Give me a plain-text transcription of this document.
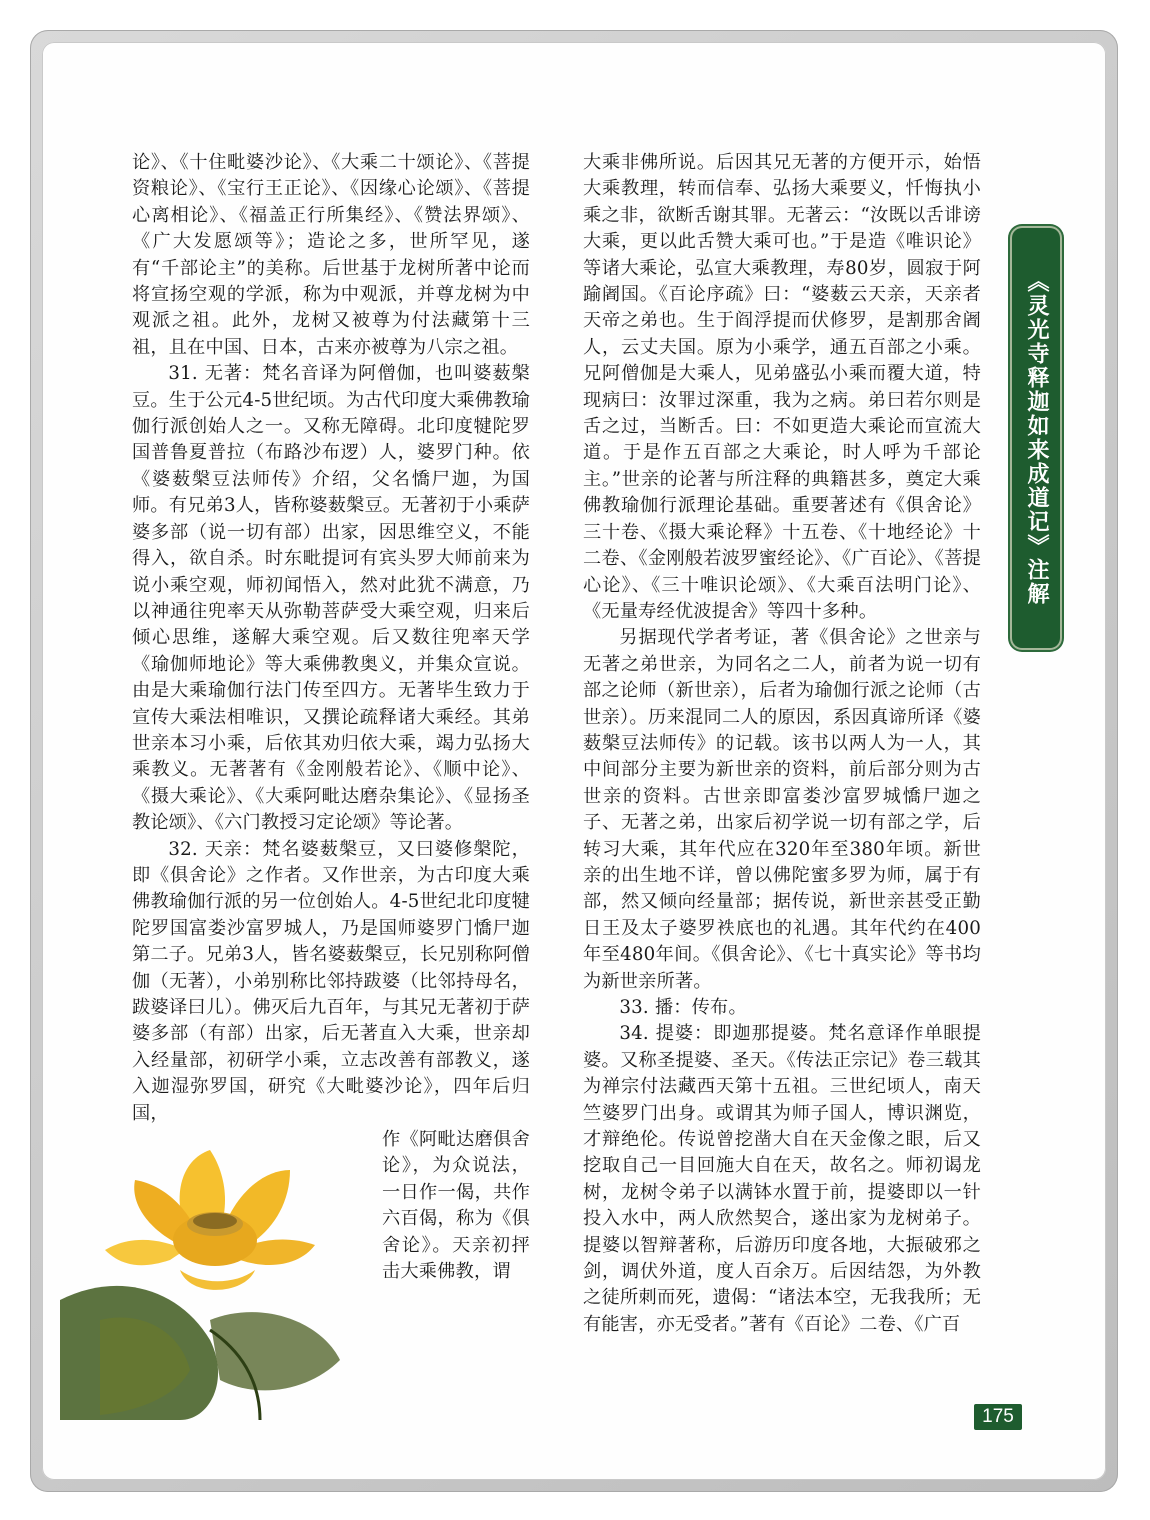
论》、《十住毗婆沙论》、《大乘二十颂论》、《菩提资粮论》、《宝行王正论》、《因缘心论颂》、《菩提心离相论》、《福盖正行所集经》、《赞法界颂》、《广大发愿颂等》；造论之多，世所罕见，遂有“千部论主”的美称。后世基于龙树所著中论而将宣扬空观的学派，称为中观派，并尊龙树为中观派之祖。此外，龙树又被尊为付法藏第十三祖，且在中国、日本，古来亦被尊为八宗之祖。

31. 无著：梵名音译为阿僧伽，也叫婆薮槃豆。生于公元4-5世纪顷。为古代印度大乘佛教瑜伽行派创始人之一。又称无障碍。北印度犍陀罗国普鲁夏普拉（布路沙布逻）人，婆罗门种。依《婆薮槃豆法师传》介绍，父名憍尸迦，为国师。有兄弟3人，皆称婆薮槃豆。无著初于小乘萨婆多部（说一切有部）出家，因思维空义，不能得入，欲自杀。时东毗提诃有宾头罗大师前来为说小乘空观，师初闻悟入，然对此犹不满意，乃以神通往兜率天从弥勒菩萨受大乘空观，归来后倾心思维，遂解大乘空观。后又数往兜率天学《瑜伽师地论》等大乘佛教奥义，并集众宣说。由是大乘瑜伽行法门传至四方。无著毕生致力于宣传大乘法相唯识，又撰论疏释诸大乘经。其弟世亲本习小乘，后依其劝归依大乘，竭力弘扬大乘教义。无著著有《金刚般若论》、《顺中论》、《摄大乘论》、《大乘阿毗达磨杂集论》、《显扬圣教论颂》、《六门教授习定论颂》等论著。

32. 天亲：梵名婆薮槃豆，又曰婆修槃陀，即《俱舍论》之作者。又作世亲，为古印度大乘佛教瑜伽行派的另一位创始人。4-5世纪北印度犍陀罗国富娄沙富罗城人，乃是国师婆罗门憍尸迦第二子。兄弟3人，皆名婆薮槃豆，长兄别称阿僧伽（无著），小弟别称比邻持跋婆（比邻持母名，跋婆译曰儿）。佛灭后九百年，与其兄无著初于萨婆多部（有部）出家，后无著直入大乘，世亲却入经量部，初研学小乘，立志改善有部教义，遂入迦湿弥罗国，研究《大毗婆沙论》，四年后归国，

作《阿毗达磨俱舍论》，为众说法，一日作一偈，共作六百偈，称为《俱舍论》。天亲初抨击大乘佛教，谓

大乘非佛所说。后因其兄无著的方便开示，始悟大乘教理，转而信奉、弘扬大乘要义，忏悔执小乘之非，欲断舌谢其罪。无著云：“汝既以舌诽谤大乘，更以此舌赞大乘可也。”于是造《唯识论》等诸大乘论，弘宣大乘教理，寿80岁，圆寂于阿踰阇国。《百论序疏》曰：“婆薮云天亲，天亲者天帝之弟也。生于阎浮提而伏修罗，是割那舍阇人，云丈夫国。原为小乘学，通五百部之小乘。兄阿僧伽是大乘人，见弟盛弘小乘而覆大道，特现病曰：汝罪过深重，我为之病。弟曰若尔则是舌之过，当断舌。曰：不如更造大乘论而宣流大道。于是作五百部之大乘论，时人呼为千部论主。”世亲的论著与所注释的典籍甚多，奠定大乘佛教瑜伽行派理论基础。重要著述有《俱舍论》三十卷、《摄大乘论释》十五卷、《十地经论》十二卷、《金刚般若波罗蜜经论》、《广百论》、《菩提心论》、《三十唯识论颂》、《大乘百法明门论》、《无量寿经优波提舍》等四十多种。

另据现代学者考证，著《俱舍论》之世亲与无著之弟世亲，为同名之二人，前者为说一切有部之论师（新世亲），后者为瑜伽行派之论师（古世亲）。历来混同二人的原因，系因真谛所译《婆薮槃豆法师传》的记载。该书以两人为一人，其中间部分主要为新世亲的资料，前后部分则为古世亲的资料。古世亲即富娄沙富罗城憍尸迦之子、无著之弟，出家后初学说一切有部之学，后转习大乘，其年代应在320年至380年顷。新世亲的出生地不详，曾以佛陀蜜多罗为师，属于有部，然又倾向经量部；据传说，新世亲甚受正勤日王及太子婆罗袟底也的礼遇。其年代约在400年至480年间。《俱舍论》、《七十真实论》等书均为新世亲所著。

33. 播：传布。

34. 提婆：即迦那提婆。梵名意译作单眼提婆。又称圣提婆、圣天。《传法正宗记》卷三载其为禅宗付法藏西天第十五祖。三世纪顷人，南天竺婆罗门出身。或谓其为师子国人，博识渊览，才辩绝伦。传说曾挖凿大自在天金像之眼，后又挖取自己一目回施大自在天，故名之。师初谒龙树，龙树令弟子以满钵水置于前，提婆即以一针投入水中，两人欣然契合，遂出家为龙树弟子。提婆以智辩著称，后游历印度各地，大振破邪之剑，调伏外道，度人百余万。后因结怨，为外教之徒所刺而死，遗偈：“诸法本空，无我我所；无有能害，亦无受者。”著有《百论》二卷、《广百

《灵光寺释迦如来成道记》注解
175
